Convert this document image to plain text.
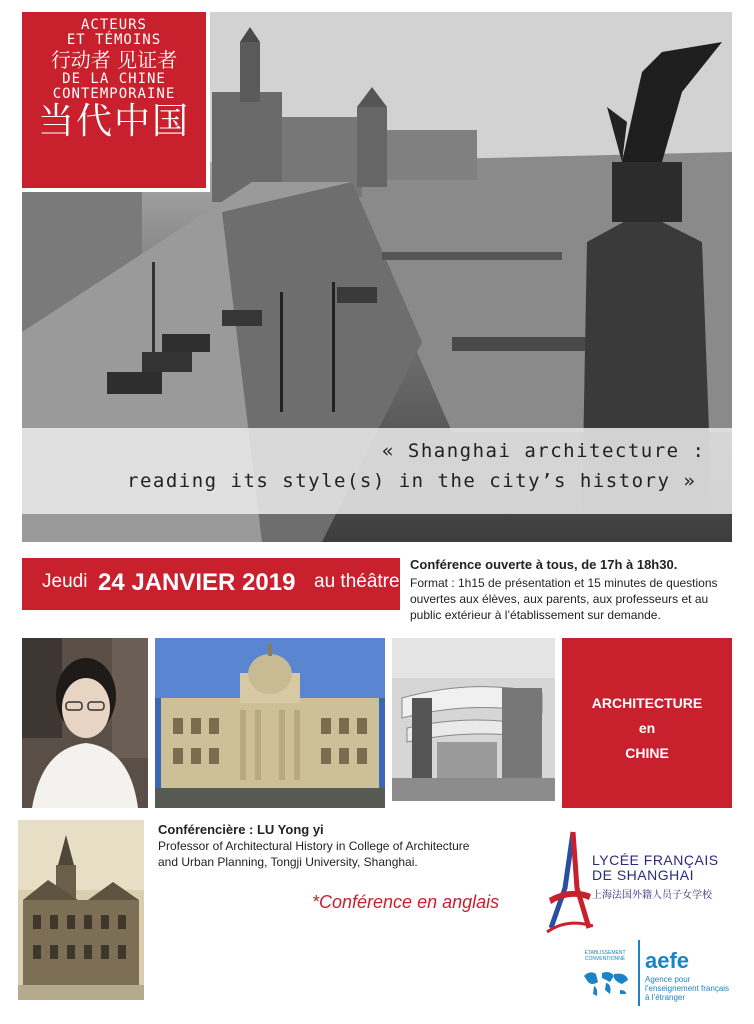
ACTEURS
ET TÉMOINS
行动者 见证者
DE LA CHINE
CONTEMPORAINE
当代中国
« Shanghai architecture :
reading its style(s) in the city’s history »
Jeudi 24 JANVIER 2019 au théâtre
Conférence ouverte à tous, de 17h à 18h30.
Format : 1h15 de présentation et 15 minutes de questions
ouvertes aux élèves, aux parents, aux professeurs et au
public extérieur à l’établissement sur demande.
ARCHITECTURE
en
CHINE
Conférencière : LU Yong yi
Professor of Architectural History in College of Architecture
and Urban Planning, Tongji University, Shanghai.
*Conférence en anglais
LYCÉE FRANÇAIS
DE SHANGHAI
上海法国外籍人员子女学校
ÉTABLISSEMENT
CONVENTIONNÉ aefe
Agence pour
l’enseignement français
à l’étranger
